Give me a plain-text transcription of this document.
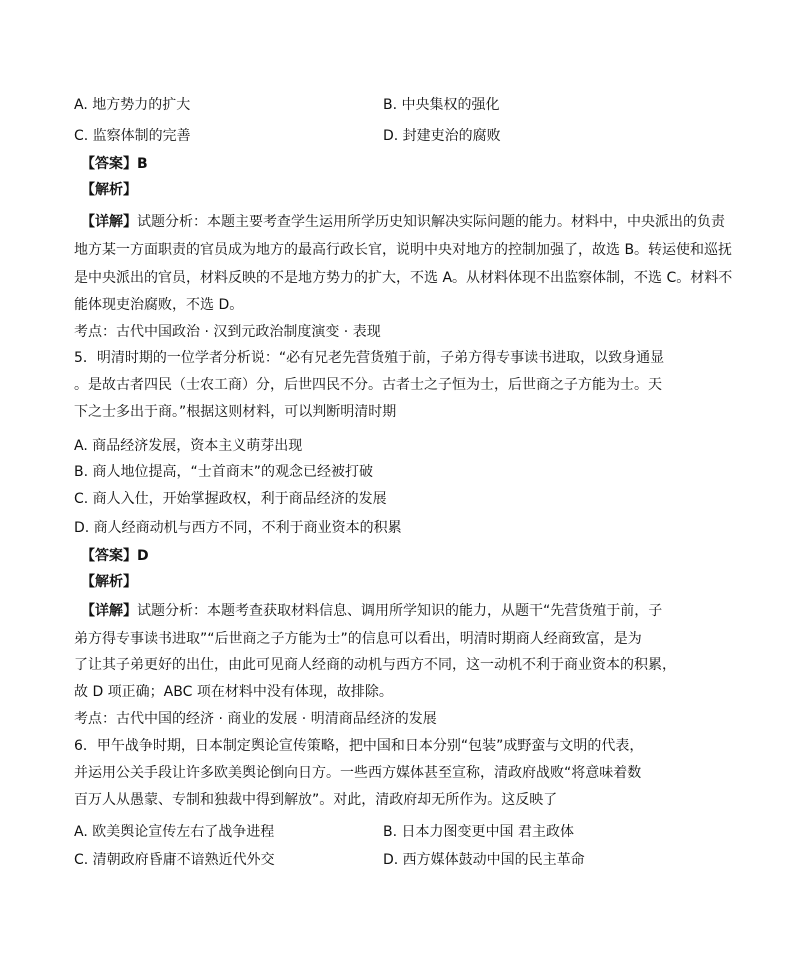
A. 地方势力的扩大	B. 中央集权的强化
C. 监察体制的完善	D. 封建吏治的腐败
【答案】B
【解析】
【详解】试题分析：本题主要考查学生运用所学历史知识解决实际问题的能力。材料中，中央派出的负责
地方某一方面职责的官员成为地方的最高行政长官，说明中央对地方的控制加强了，故选 B。转运使和巡抚
是中央派出的官员，材料反映的不是地方势力的扩大，不选 A。从材料体现不出监察体制，不选 C。材料不
能体现吏治腐败，不选 D。
考点：古代中国政治 · 汉到元政治制度演变 · 表现
5．明清时期的一位学者分析说：“必有兄老先营货殖于前，子弟方得专事读书进取，以致身通显
。是故古者四民（士农工商）分，后世四民不分。古者士之子恒为士，后世商之子方能为士。天
下之士多出于商。”根据这则材料，可以判断明清时期
A. 商品经济发展，资本主义萌芽出现
B. 商人地位提高，“士首商末”的观念已经被打破
C. 商人入仕，开始掌握政权，利于商品经济的发展
D. 商人经商动机与西方不同，不利于商业资本的积累
【答案】D
【解析】
【详解】试题分析：本题考查获取材料信息、调用所学知识的能力，从题干“先营货殖于前，子
弟方得专事读书进取”“后世商之子方能为士”的信息可以看出，明清时期商人经商致富，是为
了让其子弟更好的出仕，由此可见商人经商的动机与西方不同，这一动机不利于商业资本的积累，
故 D 项正确；ABC 项在材料中没有体现，故排除。
考点：古代中国的经济 · 商业的发展 · 明清商品经济的发展
6．甲午战争时期，日本制定舆论宣传策略，把中国和日本分别“包装”成野蛮与文明的代表，
并运用公关手段让许多欧美舆论倒向日方。一些西方媒体甚至宣称，清政府战败“将意味着数
百万人从愚蒙、专制和独裁中得到解放”。对此，清政府却无所作为。这反映了
A. 欧美舆论宣传左右了战争进程	B. 日本力图变更中国 君主政体
C. 清朝政府昏庸不谙熟近代外交	D. 西方媒体鼓动中国的民主革命
